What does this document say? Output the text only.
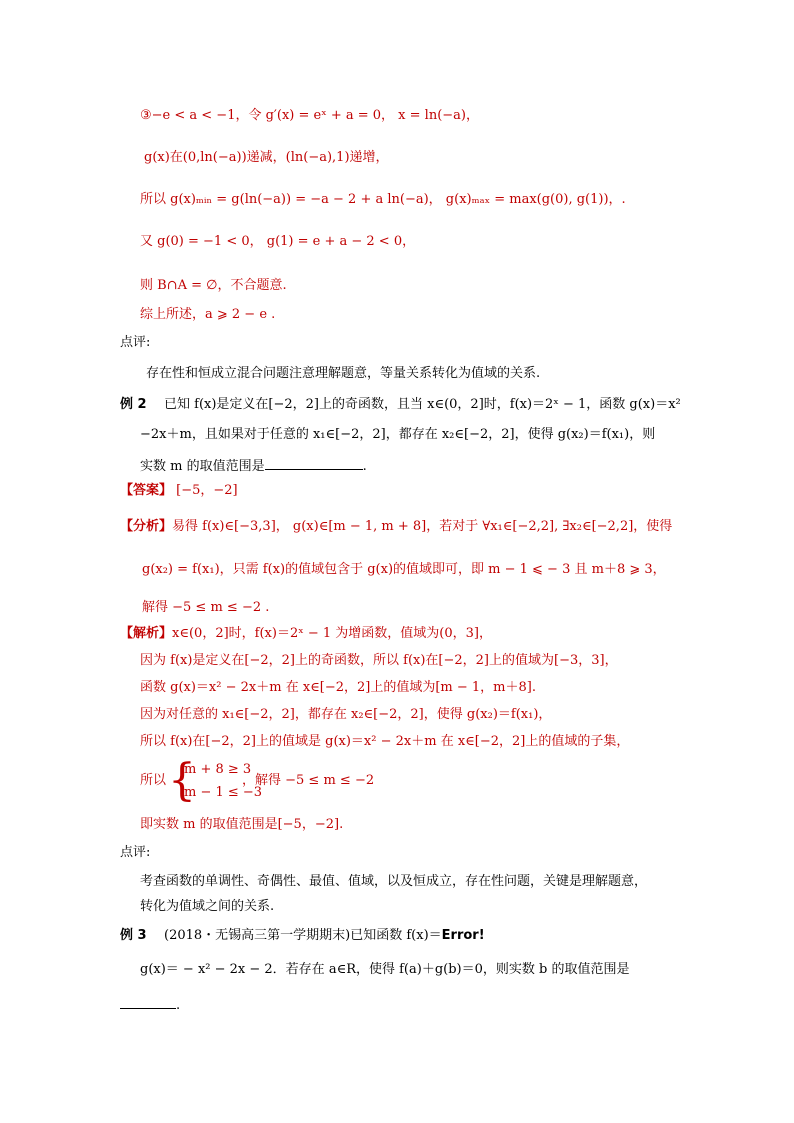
③−e < a < −1，令 g′(x) = eˣ + a = 0， x = ln(−a)，
g(x)在(0,ln(−a))递减，(ln(−a),1)递增，
所以 g(x)ₘᵢₙ = g(ln(−a)) = −a − 2 + a ln(−a)， g(x)ₘₐₓ = max(g(0), g(1))，.
又 g(0) = −1 < 0， g(1) = e + a − 2 < 0，
则 B∩A = ∅，不合题意.
综上所述，a ⩾ 2 − e .
点评:
存在性和恒成立混合问题注意理解题意，等量关系转化为值域的关系.
例 2 已知 f(x)是定义在[−2，2]上的奇函数，且当 x∈(0，2]时，f(x)＝2ˣ − 1，函数 g(x)＝x²
−2x＋m，且如果对于任意的 x₁∈[−2，2]，都存在 x₂∈[−2，2]，使得 g(x₂)＝f(x₁)，则
实数 m 的取值范围是	.
【答案】 [−5，−2]
【分析】易得 f(x)∈[−3,3]， g(x)∈[m − 1, m + 8]，若对于 ∀x₁∈[−2,2], ∃x₂∈[−2,2]，使得
g(x₂) = f(x₁)，只需 f(x)的值域包含于 g(x)的值域即可，即 m − 1 ⩽ − 3 且 m＋8 ⩾ 3，
解得 −5 ≤ m ≤ −2 .
【解析】x∈(0，2]时，f(x)＝2ˣ − 1 为增函数，值域为(0，3]，
因为 f(x)是定义在[−2，2]上的奇函数，所以 f(x)在[−2，2]上的值域为[−3，3]，
函数 g(x)＝x² − 2x＋m 在 x∈[−2，2]上的值域为[m − 1，m＋8].
因为对任意的 x₁∈[−2，2]，都存在 x₂∈[−2，2]，使得 g(x₂)＝f(x₁)，
所以 f(x)在[−2，2]上的值域是 g(x)＝x² − 2x＋m 在 x∈[−2，2]上的值域的子集，
所以 {
m + 8 ≥ 3
m − 1 ≤ −3
，解得 −5 ≤ m ≤ −2
即实数 m 的取值范围是[−5，−2].
点评:
考查函数的单调性、奇偶性、最值、值域，以及恒成立，存在性问题，关键是理解题意，
转化为值域之间的关系.
例 3 (2018・无锡高三第一学期期末)已知函数 f(x)＝Error!
g(x)＝ − x² − 2x − 2．若存在 a∈R，使得 f(a)＋g(b)＝0，则实数 b 的取值范围是
.
